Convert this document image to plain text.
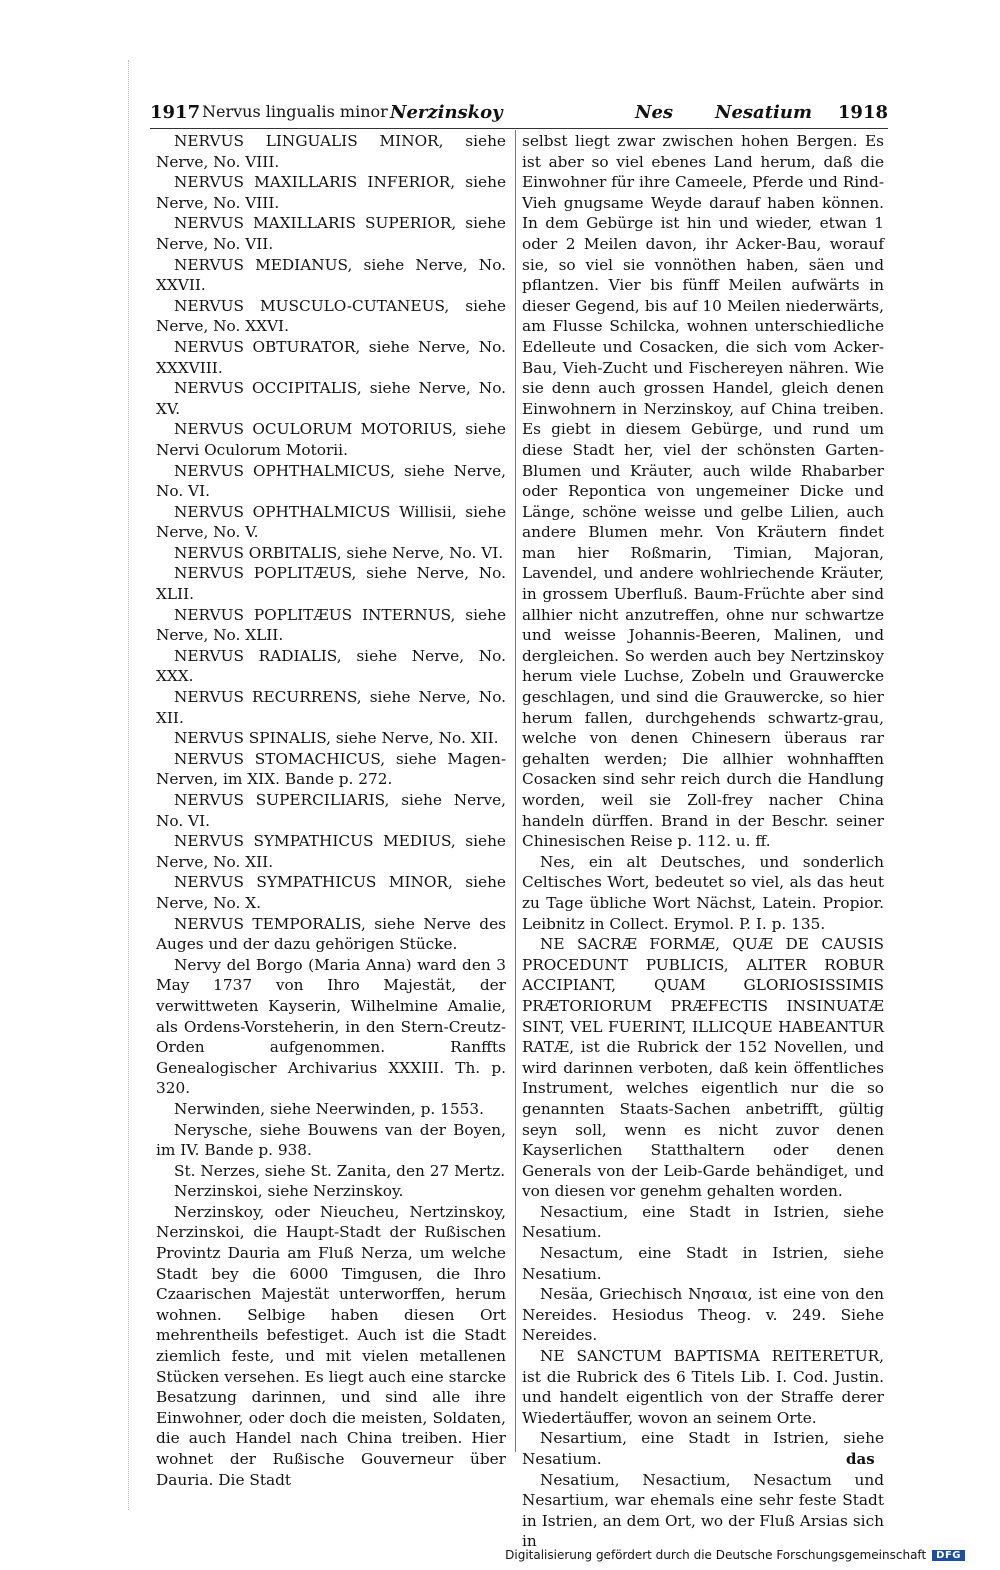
1917 Nervus lingualis minor Nerzinskoy	Nes Nesatium 1918

NERVUS LINGUALIS MINOR, siehe Nerve, No. VIII.

NERVUS MAXILLARIS INFERIOR, siehe Nerve, No. VIII.

NERVUS MAXILLARIS SUPERIOR, siehe Nerve, No. VII.

NERVUS MEDIANUS, siehe Nerve, No. XXVII.

NERVUS MUSCULO-CUTANEUS, siehe Nerve, No. XXVI.

NERVUS OBTURATOR, siehe Nerve, No. XXXVIII.

NERVUS OCCIPITALIS, siehe Nerve, No. XV.

NERVUS OCULORUM MOTORIUS, siehe Nervi Oculorum Motorii.

NERVUS OPHTHALMICUS, siehe Nerve, No. VI.

NERVUS OPHTHALMICUS Willisii, siehe Nerve, No. V.

NERVUS ORBITALIS, siehe Nerve, No. VI.

NERVUS POPLITÆUS, siehe Nerve, No. XLII.

NERVUS POPLITÆUS INTERNUS, siehe Nerve, No. XLII.

NERVUS RADIALIS, siehe Nerve, No. XXX.

NERVUS RECURRENS, siehe Nerve, No. XII.

NERVUS SPINALIS, siehe Nerve, No. XII.

NERVUS STOMACHICUS, siehe Magen-Nerven, im XIX. Bande p. 272.

NERVUS SUPERCILIARIS, siehe Nerve, No. VI.

NERVUS SYMPATHICUS MEDIUS, siehe Nerve, No. XII.

NERVUS SYMPATHICUS MINOR, siehe Nerve, No. X.

NERVUS TEMPORALIS, siehe Nerve des Auges und der dazu gehörigen Stücke.

Nervy del Borgo (Maria Anna) ward den 3 May 1737 von Ihro Majestät, der verwittweten Kayserin, Wilhelmine Amalie, als Ordens-Vorsteherin, in den Stern-Creutz-Orden aufgenommen. Ranffts Genealogischer Archivarius XXXIII. Th. p. 320.

Nerwinden, siehe Neerwinden, p. 1553.

Nerysche, siehe Bouwens van der Boyen, im IV. Bande p. 938.

St. Nerzes, siehe St. Zanita, den 27 Mertz.

Nerzinskoi, siehe Nerzinskoy.

Nerzinskoy, oder Nieucheu, Nertzinskoy, Nerzinskoi, die Haupt-Stadt der Rußischen Provintz Dauria am Fluß Nerza, um welche Stadt bey die 6000 Timgusen, die Ihro Czaarischen Majestät unterworffen, herum wohnen. Selbige haben diesen Ort mehrentheils befestiget. Auch ist die Stadt ziemlich feste, und mit vielen metallenen Stücken versehen. Es liegt auch eine starcke Besatzung darinnen, und sind alle ihre Einwohner, oder doch die meisten, Soldaten, die auch Handel nach China treiben. Hier wohnet der Rußische Gouverneur über Dauria. Die Stadt

selbst liegt zwar zwischen hohen Bergen. Es ist aber so viel ebenes Land herum, daß die Einwohner für ihre Cameele, Pferde und Rind-Vieh gnugsame Weyde darauf haben können. In dem Gebürge ist hin und wieder, etwan 1 oder 2 Meilen davon, ihr Acker-Bau, worauf sie, so viel sie vonnöthen haben, säen und pflantzen. Vier bis fünff Meilen aufwärts in dieser Gegend, bis auf 10 Meilen niederwärts, am Flusse Schilcka, wohnen unterschiedliche Edelleute und Cosacken, die sich vom Acker-Bau, Vieh-Zucht und Fischereyen nähren. Wie sie denn auch grossen Handel, gleich denen Einwohnern in Nerzinskoy, auf China treiben. Es giebt in diesem Gebürge, und rund um diese Stadt her, viel der schönsten Garten-Blumen und Kräuter, auch wilde Rhabarber oder Repontica von ungemeiner Dicke und Länge, schöne weisse und gelbe Lilien, auch andere Blumen mehr. Von Kräutern findet man hier Roßmarin, Timian, Majoran, Lavendel, und andere wohlriechende Kräuter, in grossem Uberfluß. Baum-Früchte aber sind allhier nicht anzutreffen, ohne nur schwartze und weisse Johannis-Beeren, Malinen, und dergleichen. So werden auch bey Nertzinskoy herum viele Luchse, Zobeln und Grauwercke geschlagen, und sind die Grauwercke, so hier herum fallen, durchgehends schwartz-grau, welche von denen Chinesern überaus rar gehalten werden; Die allhier wohnhafften Cosacken sind sehr reich durch die Handlung worden, weil sie Zoll-frey nacher China handeln dürffen. Brand in der Beschr. seiner Chinesischen Reise p. 112. u. ff.

Nes, ein alt Deutsches, und sonderlich Celtisches Wort, bedeutet so viel, als das heut zu Tage übliche Wort Nächst, Latein. Propior. Leibnitz in Collect. Erymol. P. I. p. 135.

NE SACRÆ FORMÆ, QUÆ DE CAUSIS PROCEDUNT PUBLICIS, ALITER ROBUR ACCIPIANT, QUAM GLORIOSISSIMIS PRÆTORIORUM PRÆFECTIS INSINUATÆ SINT, VEL FUERINT, ILLICQUE HABEANTUR RATÆ, ist die Rubrick der 152 Novellen, und wird darinnen verboten, daß kein öffentliches Instrument, welches eigentlich nur die so genannten Staats-Sachen anbetrifft, gültig seyn soll, wenn es nicht zuvor denen Kayserlichen Statthaltern oder denen Generals von der Leib-Garde behändiget, und von diesen vor genehm gehalten worden.

Nesactium, eine Stadt in Istrien, siehe Nesatium.

Nesactum, eine Stadt in Istrien, siehe Nesatium.

Nesäa, Griechisch Νησαια, ist eine von den Nereides. Hesiodus Theog. v. 249. Siehe Nereides.

NE SANCTUM BAPTISMA REITERETUR, ist die Rubrick des 6 Titels Lib. I. Cod. Justin. und handelt eigentlich von der Straffe derer Wiedertäuffer, wovon an seinem Orte.

Nesartium, eine Stadt in Istrien, siehe Nesatium.

Nesatium, Nesactium, Nesactum und Nesartium, war ehemals eine sehr feste Stadt in Istrien, an dem Ort, wo der Fluß Arsias sich in

das
Digitalisierung gefördert durch die Deutsche Forschungsgemeinschaft	DFG
